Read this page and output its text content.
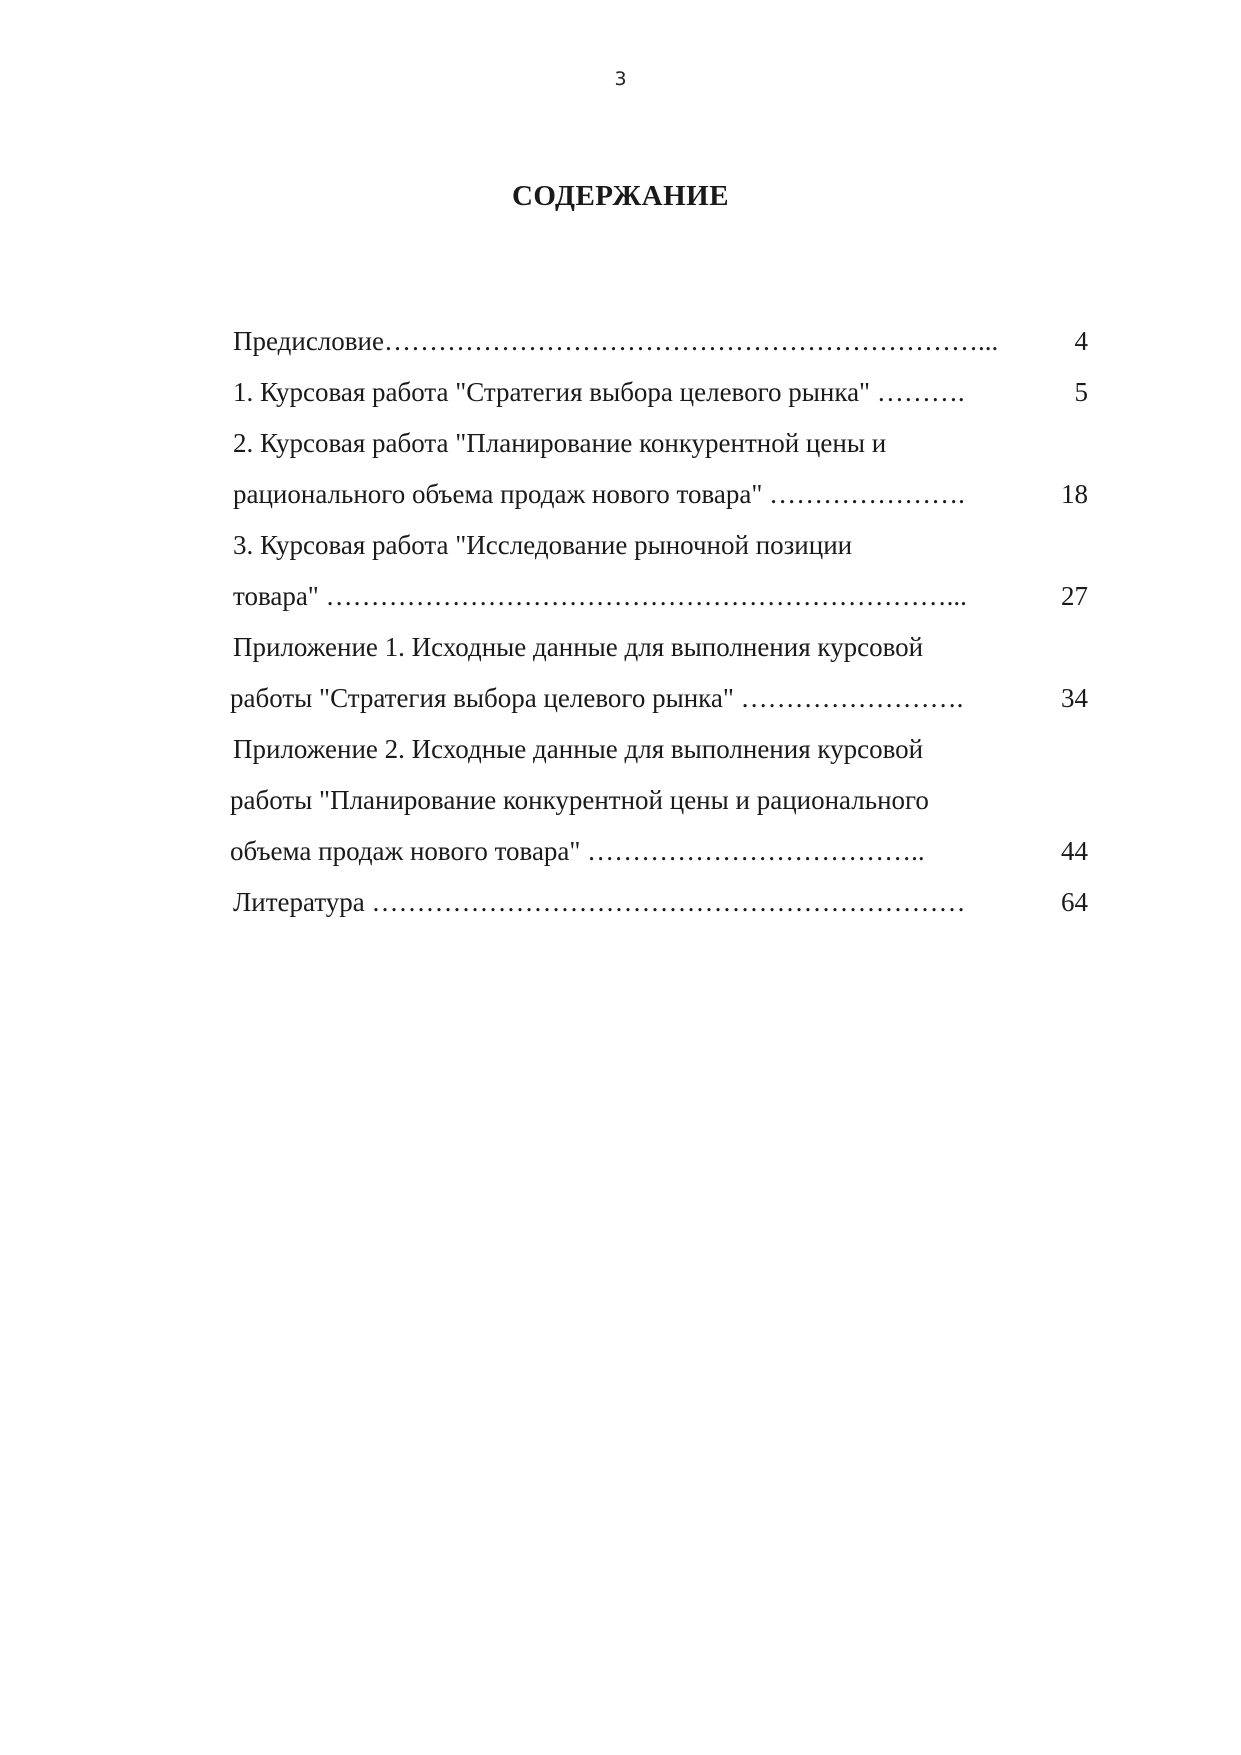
3
СОДЕРЖАНИЕ
Предисловие…………………………………………………………...	4
1. Курсовая работа "Стратегия выбора целевого рынка" ……….	5
2. Курсовая работа "Планирование конкурентной цены и
рационального объема продаж нового товара" ………………….	18
3. Курсовая работа "Исследование рыночной позиции
товара" ……………………………………………………………...	27
Приложение 1. Исходные данные для выполнения курсовой
работы "Стратегия выбора целевого рынка" …………………….	34
Приложение 2. Исходные данные для выполнения курсовой
работы "Планирование конкурентной цены и рационального
объема продаж нового товара" ………………………………..	44
Литература …………………………………………………………	64
